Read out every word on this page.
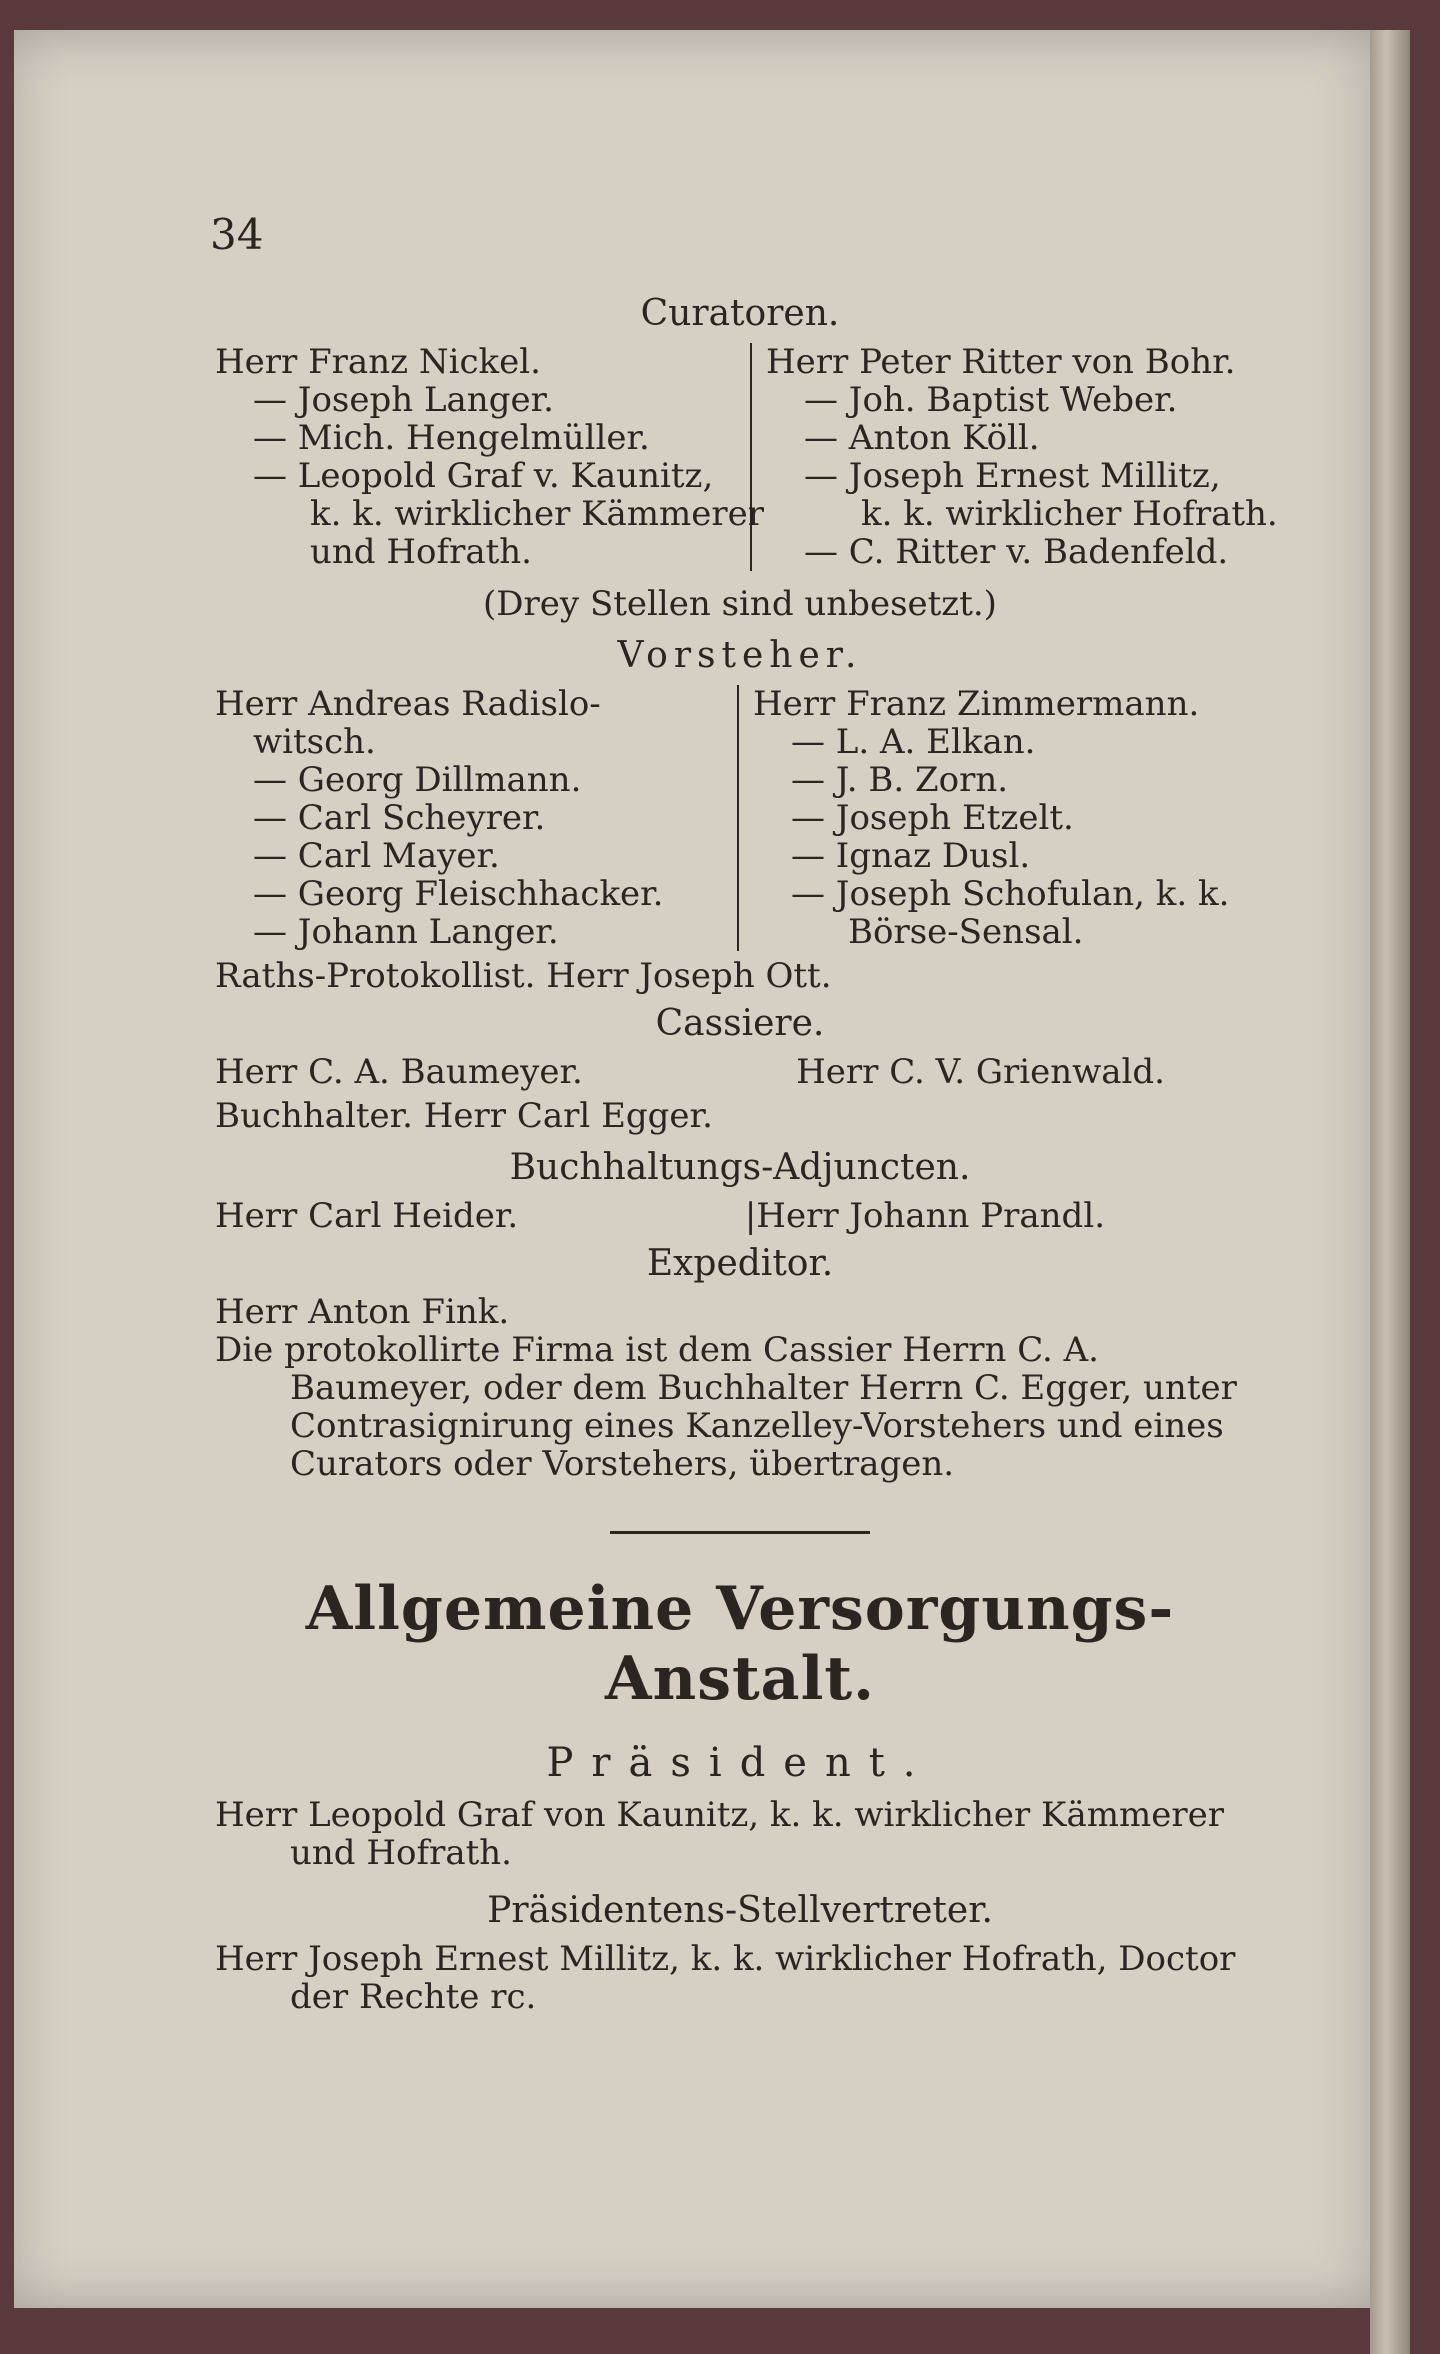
34
Curatoren.
Herr Franz Nickel.
— Joseph Langer.
— Mich. Hengelmüller.
— Leopold Graf v. Kaunitz,
k. k. wirklicher Kämmerer
und Hofrath.
Herr Peter Ritter von Bohr.
— Joh. Baptist Weber.
— Anton Köll.
— Joseph Ernest Millitz,
k. k. wirklicher Hofrath.
— C. Ritter v. Badenfeld.
(Drey Stellen sind unbesetzt.)
Vorsteher.
Herr Andreas Radislo-
witsch.
— Georg Dillmann.
— Carl Scheyrer.
— Carl Mayer.
— Georg Fleischhacker.
— Johann Langer.
Herr Franz Zimmermann.
— L. A. Elkan.
— J. B. Zorn.
— Joseph Etzelt.
— Ignaz Dusl.
— Joseph Schofulan, k. k.
Börse-Sensal.
Raths-Protokollist. Herr Joseph Ott.
Cassiere.
Herr C. A. Baumeyer.	Herr C. V. Grienwald.
Buchhalter. Herr Carl Egger.
Buchhaltungs-Adjuncten.
Herr Carl Heider.	|Herr Johann Prandl.
Expeditor.
Herr Anton Fink.
Die protokollirte Firma ist dem Cassier Herrn C. A. Baumeyer, oder dem Buchhalter Herrn C. Egger, unter Contrasignirung eines Kanzelley-Vorstehers und eines Curators oder Vorstehers, übertragen.
Allgemeine Versorgungs-Anstalt.
Präsident.
Herr Leopold Graf von Kaunitz, k. k. wirklicher Kämmerer und Hofrath.
Präsidentens-Stellvertreter.
Herr Joseph Ernest Millitz, k. k. wirklicher Hofrath, Doctor der Rechte rc.
